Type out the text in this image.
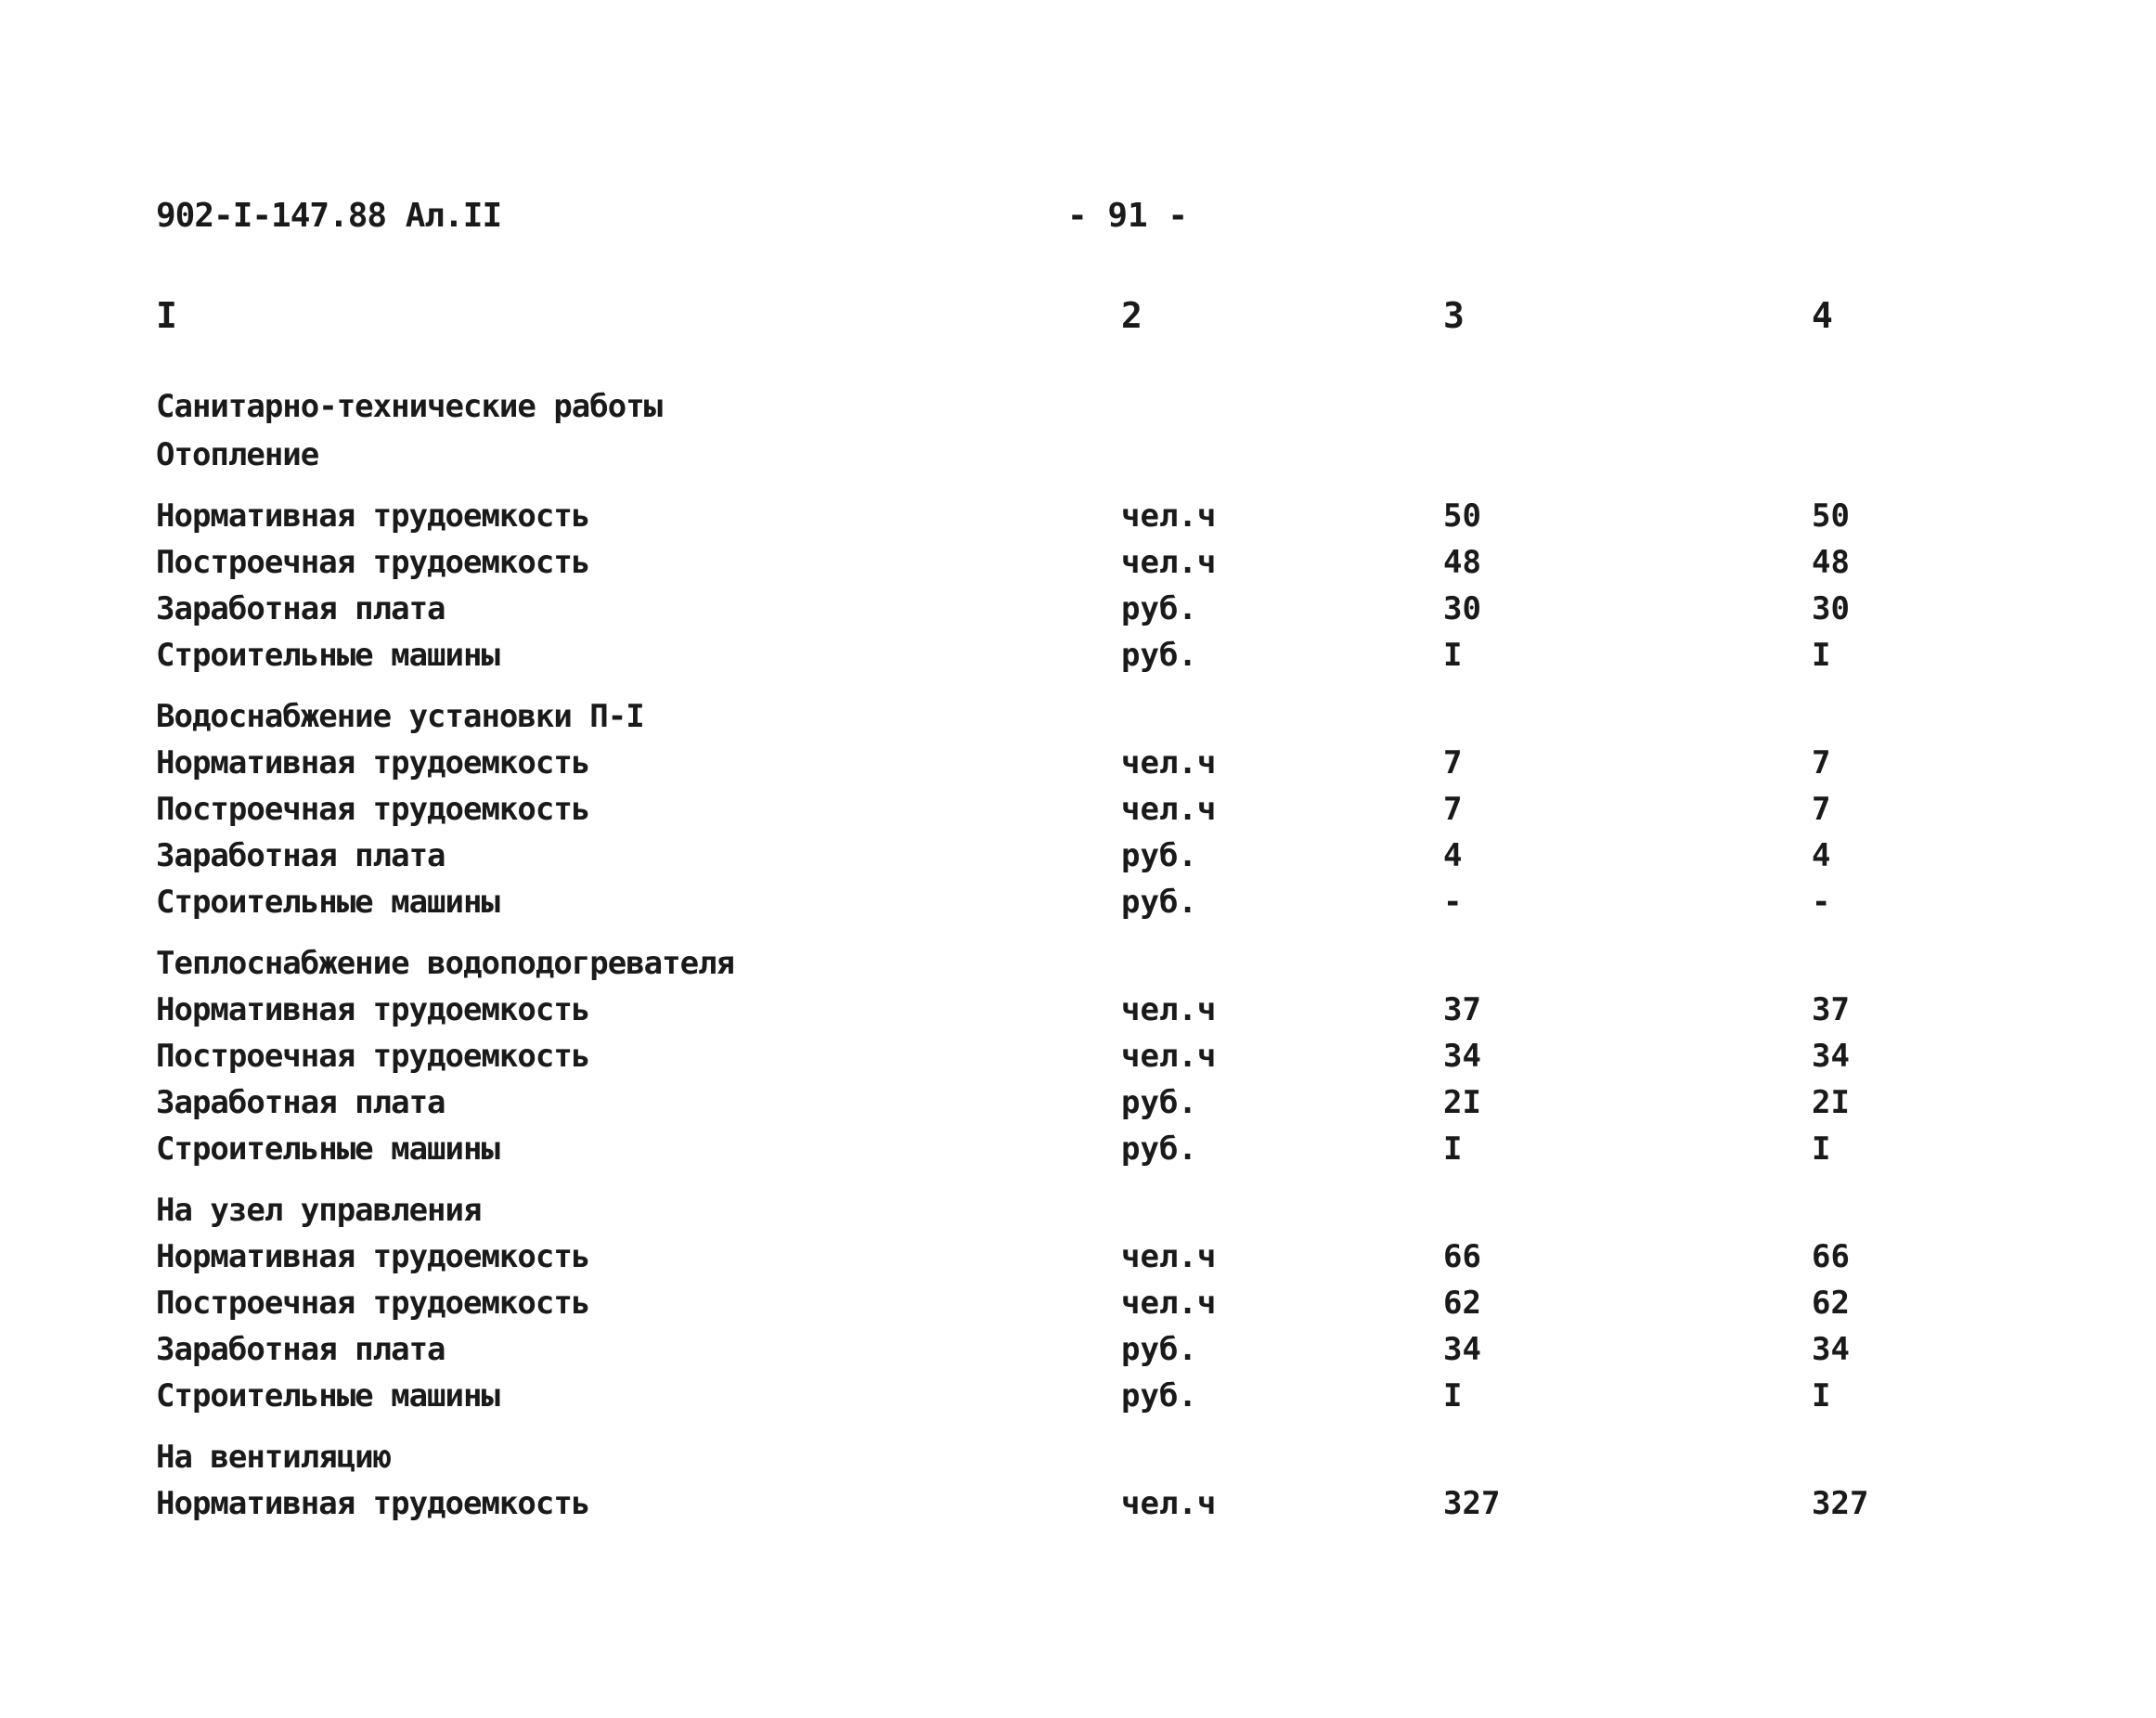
902-I-147.88 Ал.II	- 91 -
I	2	3	4
Санитарно-технические работы
Отопление
Нормативная трудоемкость	чел.ч	50	50
Построечная трудоемкость	чел.ч	48	48
Заработная плата	руб.	30	30
Строительные машины	руб.	I	I
Водоснабжение установки П-I
Нормативная трудоемкость	чел.ч	7	7
Построечная трудоемкость	чел.ч	7	7
Заработная плата	руб.	4	4
Строительные машины	руб.	-	-
Теплоснабжение водоподогревателя
Нормативная трудоемкость	чел.ч	37	37
Построечная трудоемкость	чел.ч	34	34
Заработная плата	руб.	2I	2I
Строительные машины	руб.	I	I
На узел управления
Нормативная трудоемкость	чел.ч	66	66
Построечная трудоемкость	чел.ч	62	62
Заработная плата	руб.	34	34
Строительные машины	руб.	I	I
На вентиляцию
Нормативная трудоемкость	чел.ч	327	327
